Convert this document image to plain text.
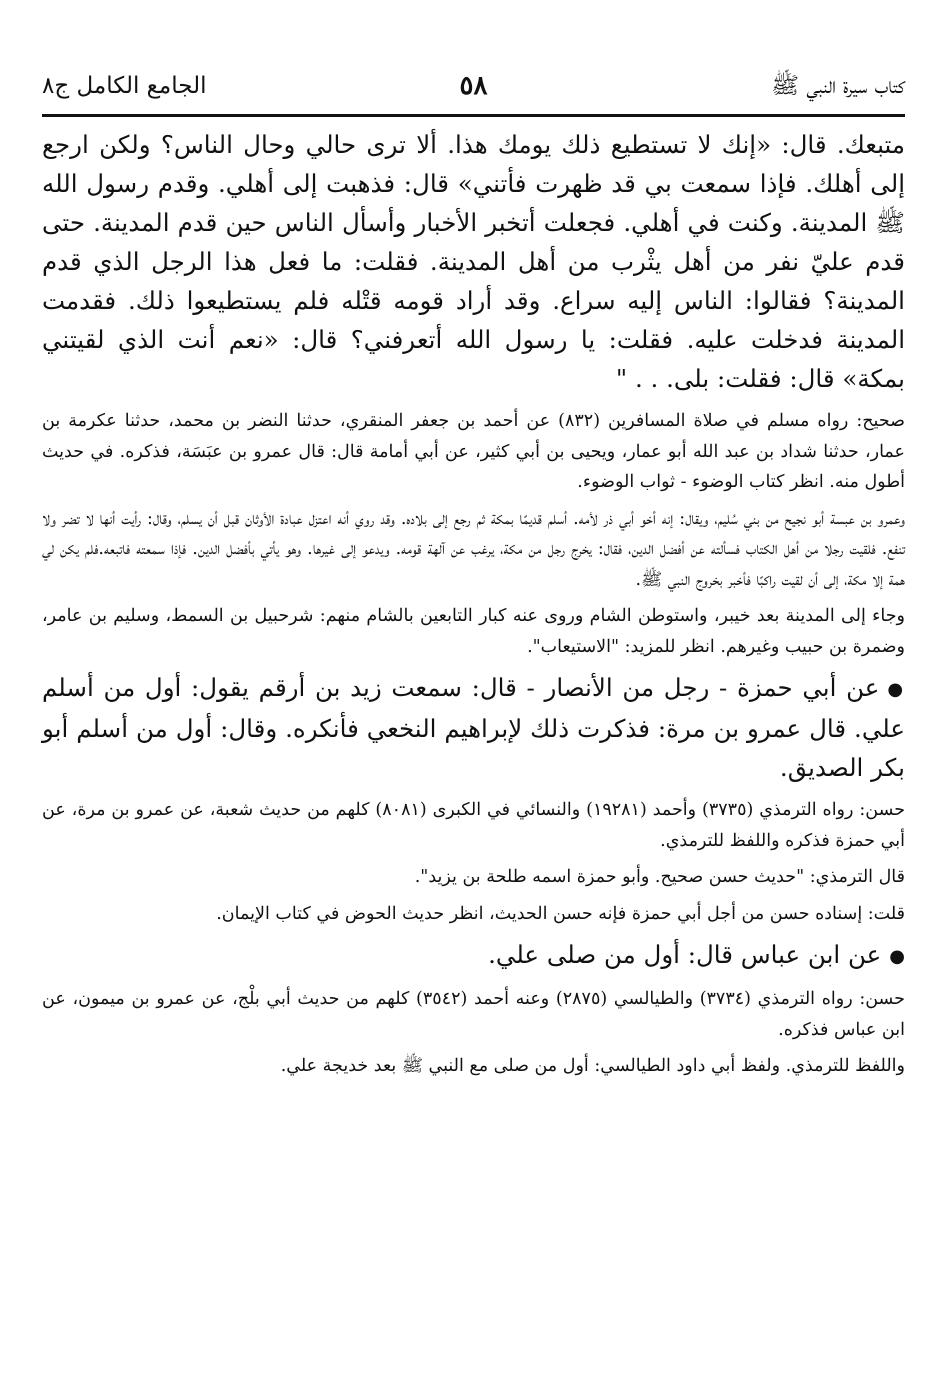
كتاب سيرة النبي ﷺ
٥٨
الجامع الكامل ج٨

متبعك. قال: «إنك لا تستطيع ذلك يومك هذا. ألا ترى حالي وحال الناس؟ ولكن ارجع إلى أهلك. فإذا سمعت بي قد ظهرت فأتني» قال: فذهبت إلى أهلي. وقدم رسول الله ﷺ المدينة. وكنت في أهلي. فجعلت أتخبر الأخبار وأسأل الناس حين قدم المدينة. حتى قدم عليّ نفر من أهل يثْرب من أهل المدينة. فقلت: ما فعل هذا الرجل الذي قدم المدينة؟ فقالوا: الناس إليه سراع. وقد أراد قومه قتْله فلم يستطيعوا ذلك. فقدمت المدينة فدخلت عليه. فقلت: يا رسول الله أتعرفني؟ قال: «نعم أنت الذي لقيتني بمكة» قال: فقلت: بلى. . . "

صحيح: رواه مسلم في صلاة المسافرين (٨٣٢) عن أحمد بن جعفر المنقري، حدثنا النضر بن محمد، حدثنا عكرمة بن عمار، حدثنا شداد بن عبد الله أبو عمار، ويحيى بن أبي كثير، عن أبي أمامة قال: قال عمرو بن عبَسَة، فذكره. في حديث أطول منه. انظر كتاب الوضوء - ثواب الوضوء.

وعمرو بن عبسة أبو نجيح من بني سُليم، ويقال: إنه أخو أبي ذر لأمه. أسلم قديمًا بمكة ثم رجع إلى بلاده. وقد روي أنه اعتزل عبادة الأوثان قبل أن يسلم، وقال: رأيت أنها لا تضر ولا تنفع. فلقيت رجلا من أهل الكتاب فسألته عن أفضل الدين، فقال: يخرج رجل من مكة، يرغب عن آلهة قومه. ويدعو إلى غيرها. وهو يأتي بأفضل الدين. فإذا سمعته فاتبعه.فلم يكن لي همة إلا مكة، إلى أن لقيت راكبًا فأخبر بخروج النبي ﷺ.

وجاء إلى المدينة بعد خيبر، واستوطن الشام وروى عنه كبار التابعين بالشام منهم: شرحبيل بن السمط، وسليم بن عامر، وضمرة بن حبيب وغيرهم. انظر للمزيد: "الاستيعاب".

●عن أبي حمزة - رجل من الأنصار - قال: سمعت زيد بن أرقم يقول: أول من أسلم علي. قال عمرو بن مرة: فذكرت ذلك لإبراهيم النخعي فأنكره. وقال: أول من أسلم أبو بكر الصديق.

حسن: رواه الترمذي (٣٧٣٥) وأحمد (١٩٢٨١) والنسائي في الكبرى (٨٠٨١) كلهم من حديث شعبة، عن عمرو بن مرة، عن أبي حمزة فذكره واللفظ للترمذي.

قال الترمذي: "حديث حسن صحيح. وأبو حمزة اسمه طلحة بن يزيد".

قلت: إسناده حسن من أجل أبي حمزة فإنه حسن الحديث، انظر حديث الحوض في كتاب الإيمان.

●عن ابن عباس قال: أول من صلى علي.

حسن: رواه الترمذي (٣٧٣٤) والطيالسي (٢٨٧٥) وعنه أحمد (٣٥٤٢) كلهم من حديث أبي بلْج، عن عمرو بن ميمون، عن ابن عباس فذكره.

واللفظ للترمذي. ولفظ أبي داود الطيالسي: أول من صلى مع النبي ﷺ بعد خديجة علي.
